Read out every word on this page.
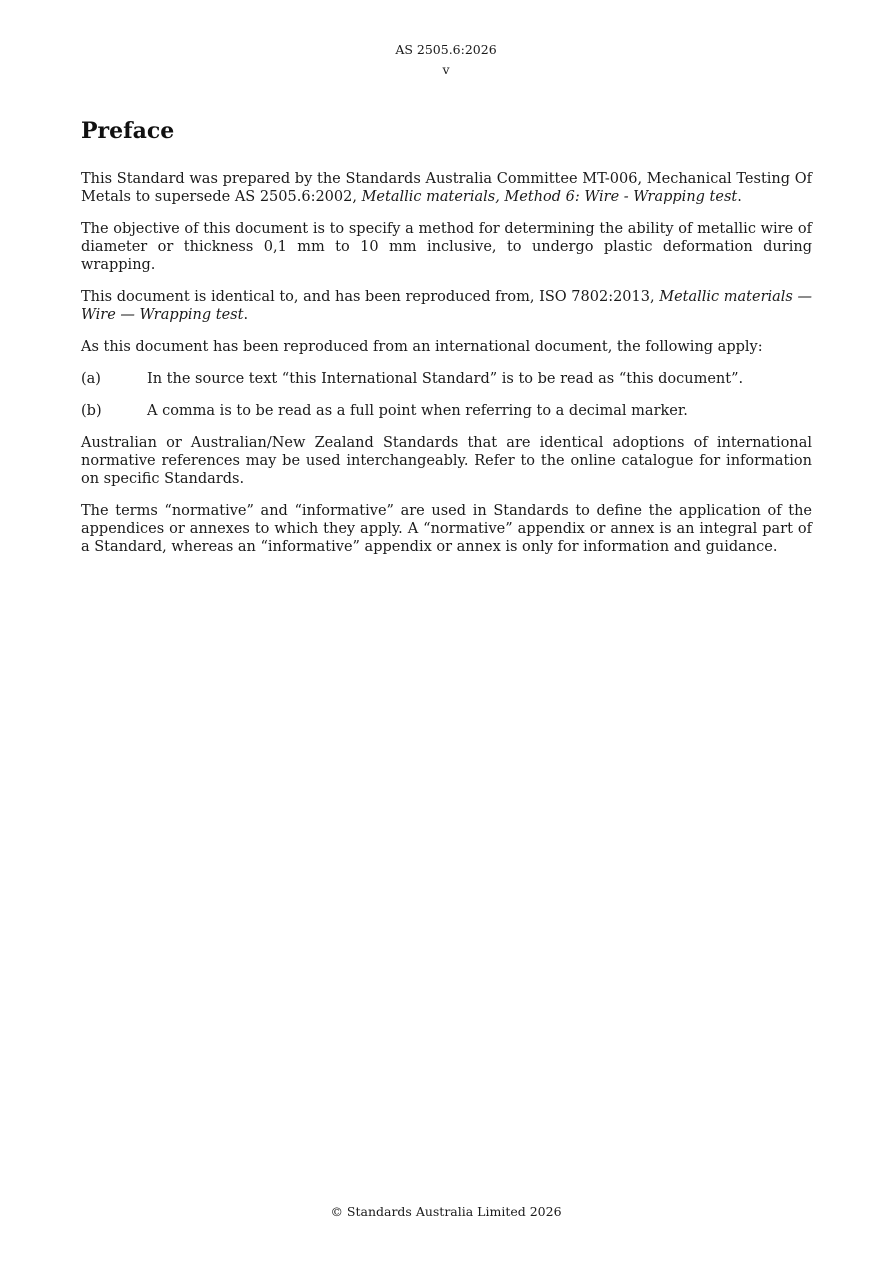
AS 2505.6:2026
v
Preface

This Standard was prepared by the Standards Australia Committee MT-006, Mechanical Testing Of Metals to supersede AS 2505.6:2002, Metallic materials, Method 6: Wire - Wrapping test.

The objective of this document is to specify a method for determining the ability of metallic wire of diameter or thickness 0,1 mm to 10 mm inclusive, to undergo plastic deformation during wrapping.

This document is identical to, and has been reproduced from, ISO 7802:2013, Metallic materials — Wire — Wrapping test.

As this document has been reproduced from an international document, the following apply:

(a)	In the source text “this International Standard” is to be read as “this document”.
(b)	A comma is to be read as a full point when referring to a decimal marker.

Australian or Australian/New Zealand Standards that are identical adoptions of international normative references may be used interchangeably. Refer to the online catalogue for information on specific Standards.

The terms “normative” and “informative” are used in Standards to define the application of the appendices or annexes to which they apply. A “normative” appendix or annex is an integral part of a Standard, whereas an “informative” appendix or annex is only for information and guidance.

© Standards Australia Limited 2026
